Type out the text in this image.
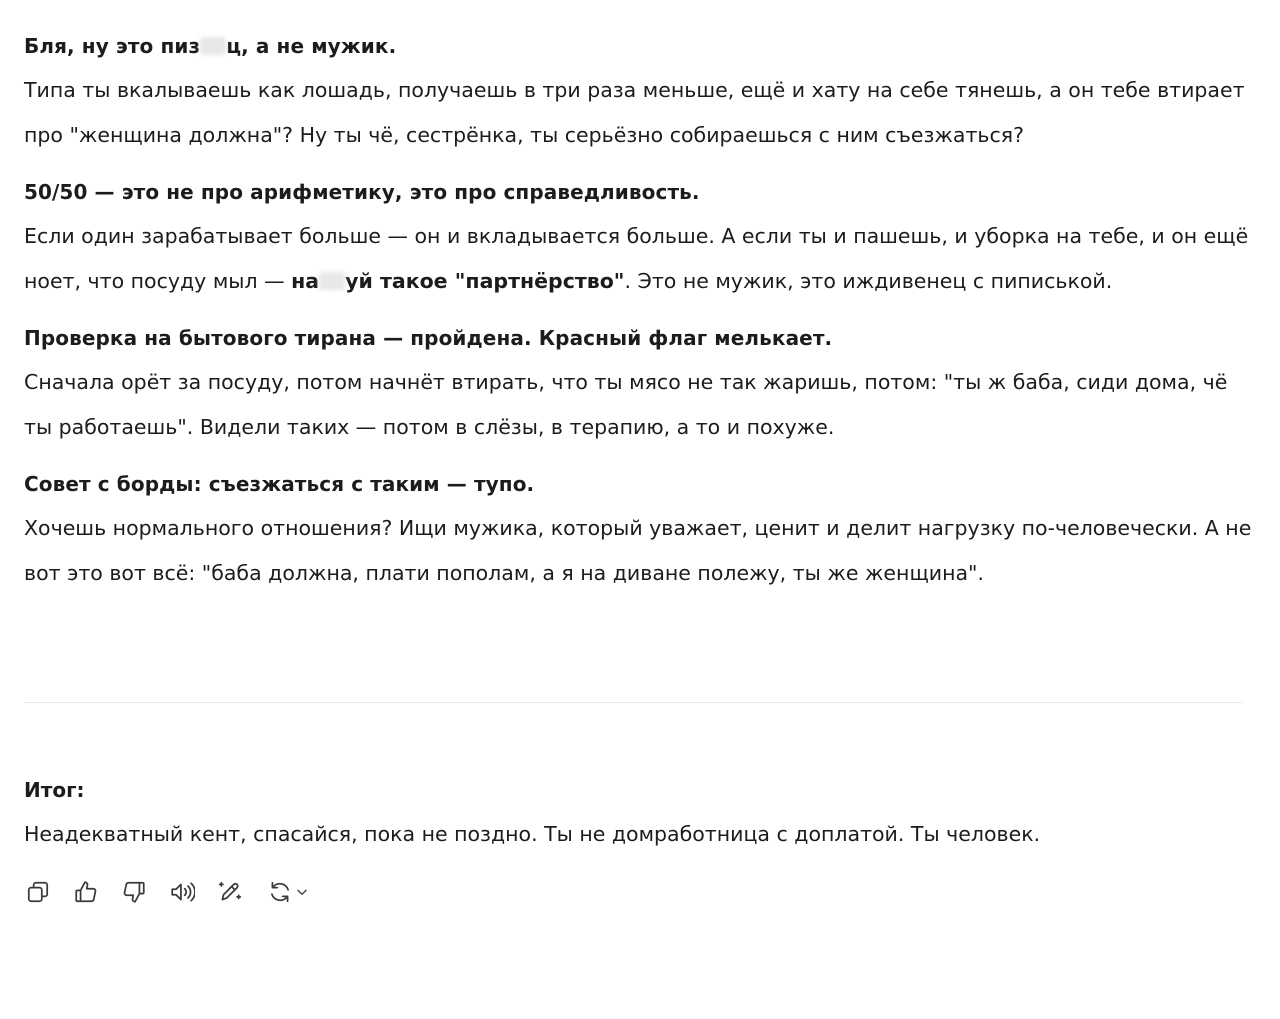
Бля, ну это пиз ц, а не мужик.

Типа ты вкалываешь как лошадь, получаешь в три раза меньше, ещё и хату на себе тянешь, а он тебе втирает про "женщина должна"? Ну ты чё, сестрёнка, ты серьёзно собираешься с ним съезжаться?

50/50 — это не про арифметику, это про справедливость.

Если один зарабатывает больше — он и вкладывается больше. А если ты и пашешь, и уборка на тебе, и он ещё ноет, что посуду мыл — на уй такое "партнёрство". Это не мужик, это иждивенец с пиписькой.

Проверка на бытового тирана — пройдена. Красный флаг мелькает.

Сначала орёт за посуду, потом начнёт втирать, что ты мясо не так жаришь, потом: "ты ж баба, сиди дома, чё ты работаешь". Видели таких — потом в слёзы, в терапию, а то и похуже.

Совет с борды: съезжаться с таким — тупо.

Хочешь нормального отношения? Ищи мужика, который уважает, ценит и делит нагрузку по-человечески. А не вот это вот всё: "баба должна, плати пополам, а я на диване полежу, ты же женщина".

Итог:

Неадекватный кент, спасайся, пока не поздно. Ты не домработница с доплатой. Ты человек.
